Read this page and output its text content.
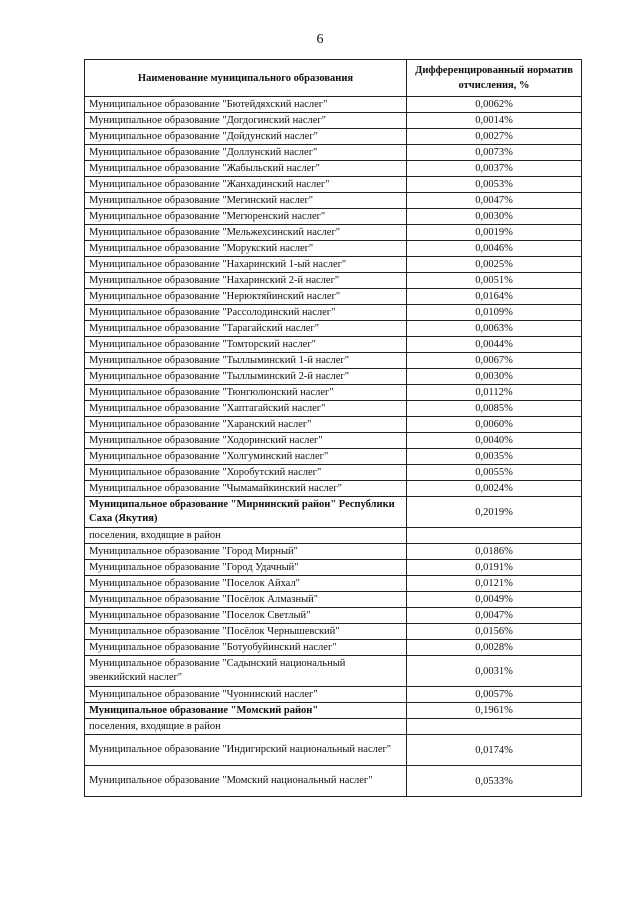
6
Наименование муниципального образования	Дифференцированный норматив отчисления, %
Муниципальное образование "Бютейдяхский наслег"	0,0062%
Муниципальное образование "Догдогинский наслег"	0,0014%
Муниципальное образование "Дойдунский наслег"	0,0027%
Муниципальное образование "Доллунский наслег"	0,0073%
Муниципальное образование "Жабыльский наслег"	0,0037%
Муниципальное образование "Жанхадинский наслег"	0,0053%
Муниципальное образование "Мегинский наслег"	0,0047%
Муниципальное образование "Мегюренский наслег"	0,0030%
Муниципальное образование "Мельжехсинский наслег"	0,0019%
Муниципальное образование "Морукский наслег"	0,0046%
Муниципальное образование "Нахаринский 1-ый наслег"	0,0025%
Муниципальное образование "Нахаринский 2-й наслег"	0,0051%
Муниципальное образование "Нерюктяйинский наслег"	0,0164%
Муниципальное образование "Рассолодинский наслег"	0,0109%
Муниципальное образование "Тарагайский наслег"	0,0063%
Муниципальное образование "Томторский наслег"	0,0044%
Муниципальное образование "Тыллыминский 1-й наслег"	0,0067%
Муниципальное образование "Тыллыминский 2-й наслег"	0,0030%
Муниципальное образование "Тюнгюлюнский наслег"	0,0112%
Муниципальное образование "Хаптагайский наслег"	0,0085%
Муниципальное образование "Харанский наслег"	0,0060%
Муниципальное образование "Ходоринский наслег"	0,0040%
Муниципальное образование "Холгуминский наслег"	0,0035%
Муниципальное образование "Хоробутский наслег"	0,0055%
Муниципальное образование "Чымамайкинский наслег"	0,0024%
Муниципальное образование "Мирнинский район" Республики Саха (Якутия)	0,2019%
поселения, входящие в район	
Муниципальное образование "Город Мирный"	0,0186%
Муниципальное образование "Город Удачный"	0,0191%
Муниципальное образование "Поселок Айхал"	0,0121%
Муниципальное образование "Посёлок Алмазный"	0,0049%
Муниципальное образование "Поселок Светлый"	0,0047%
Муниципальное образование "Посёлок Чернышевский"	0,0156%
Муниципальное образование "Ботуобуйинский наслег"	0,0028%
Муниципальное образование "Садынский национальный эвенкийский наслег"	0,0031%
Муниципальное образование "Чуонинский наслег"	0,0057%
Муниципальное образование "Момский район"	0,1961%
поселения, входящие в район	
Муниципальное образование "Индигирский национальный наслег"	0,0174%
Муниципальное образование "Момский национальный наслег"	0,0533%
